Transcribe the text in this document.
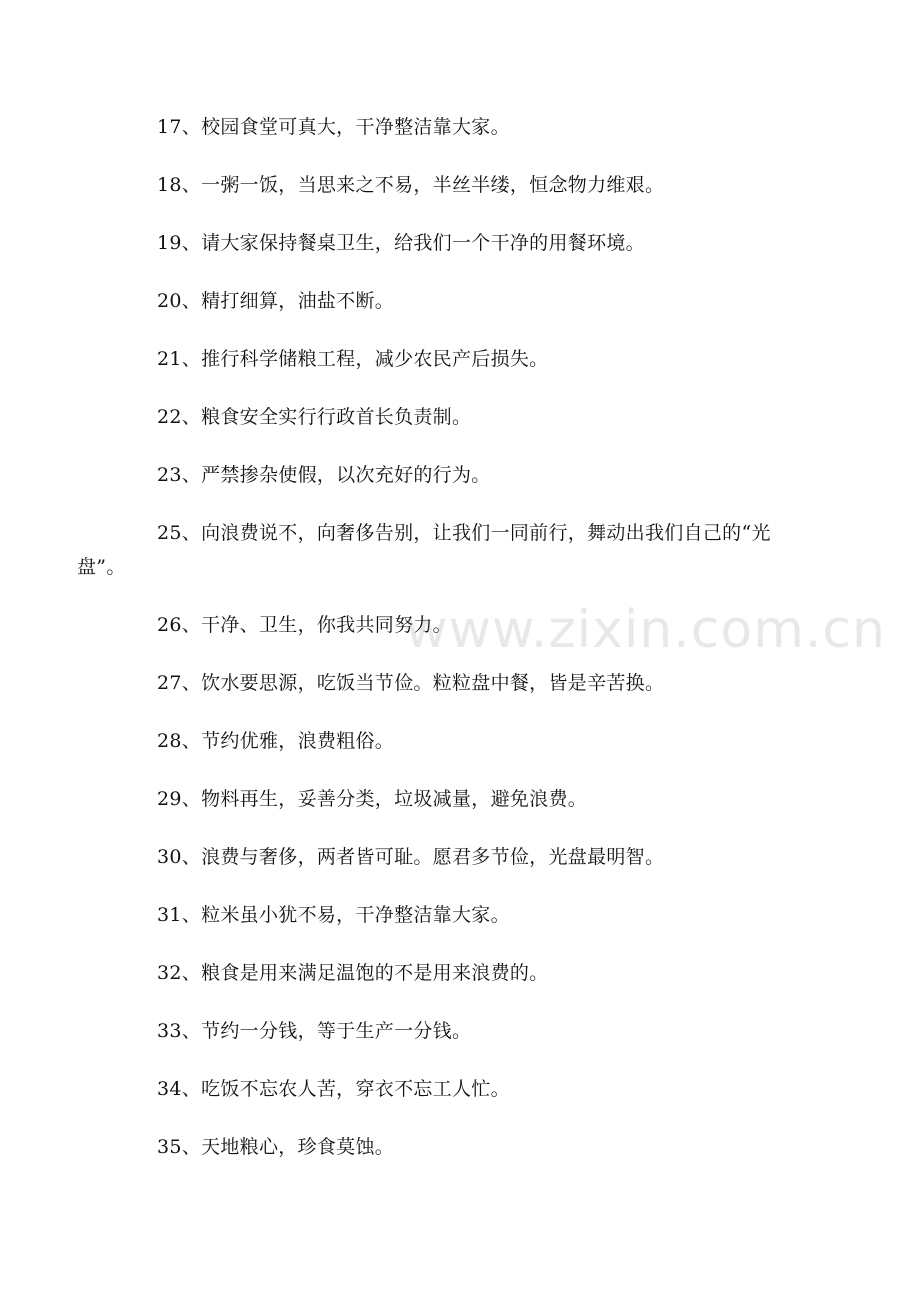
17、校园食堂可真大，干净整洁靠大家。

18、一粥一饭，当思来之不易，半丝半缕，恒念物力维艰。

19、请大家保持餐桌卫生，给我们一个干净的用餐环境。

20、精打细算，油盐不断。

21、推行科学储粮工程，减少农民产后损失。

22、粮食安全实行行政首长负责制。

23、严禁掺杂使假，以次充好的行为。

25、向浪费说不，向奢侈告别，让我们一同前行，舞动出我们自己的“光盘”。

26、干净、卫生，你我共同努力。

27、饮水要思源，吃饭当节俭。粒粒盘中餐，皆是辛苦换。

28、节约优雅，浪费粗俗。

29、物料再生，妥善分类，垃圾减量，避免浪费。

30、浪费与奢侈，两者皆可耻。愿君多节俭，光盘最明智。

31、粒米虽小犹不易，干净整洁靠大家。

32、粮食是用来满足温饱的不是用来浪费的。

33、节约一分钱，等于生产一分钱。

34、吃饭不忘农人苦，穿衣不忘工人忙。

35、天地粮心，珍食莫蚀。

www.zixin.com.cn
